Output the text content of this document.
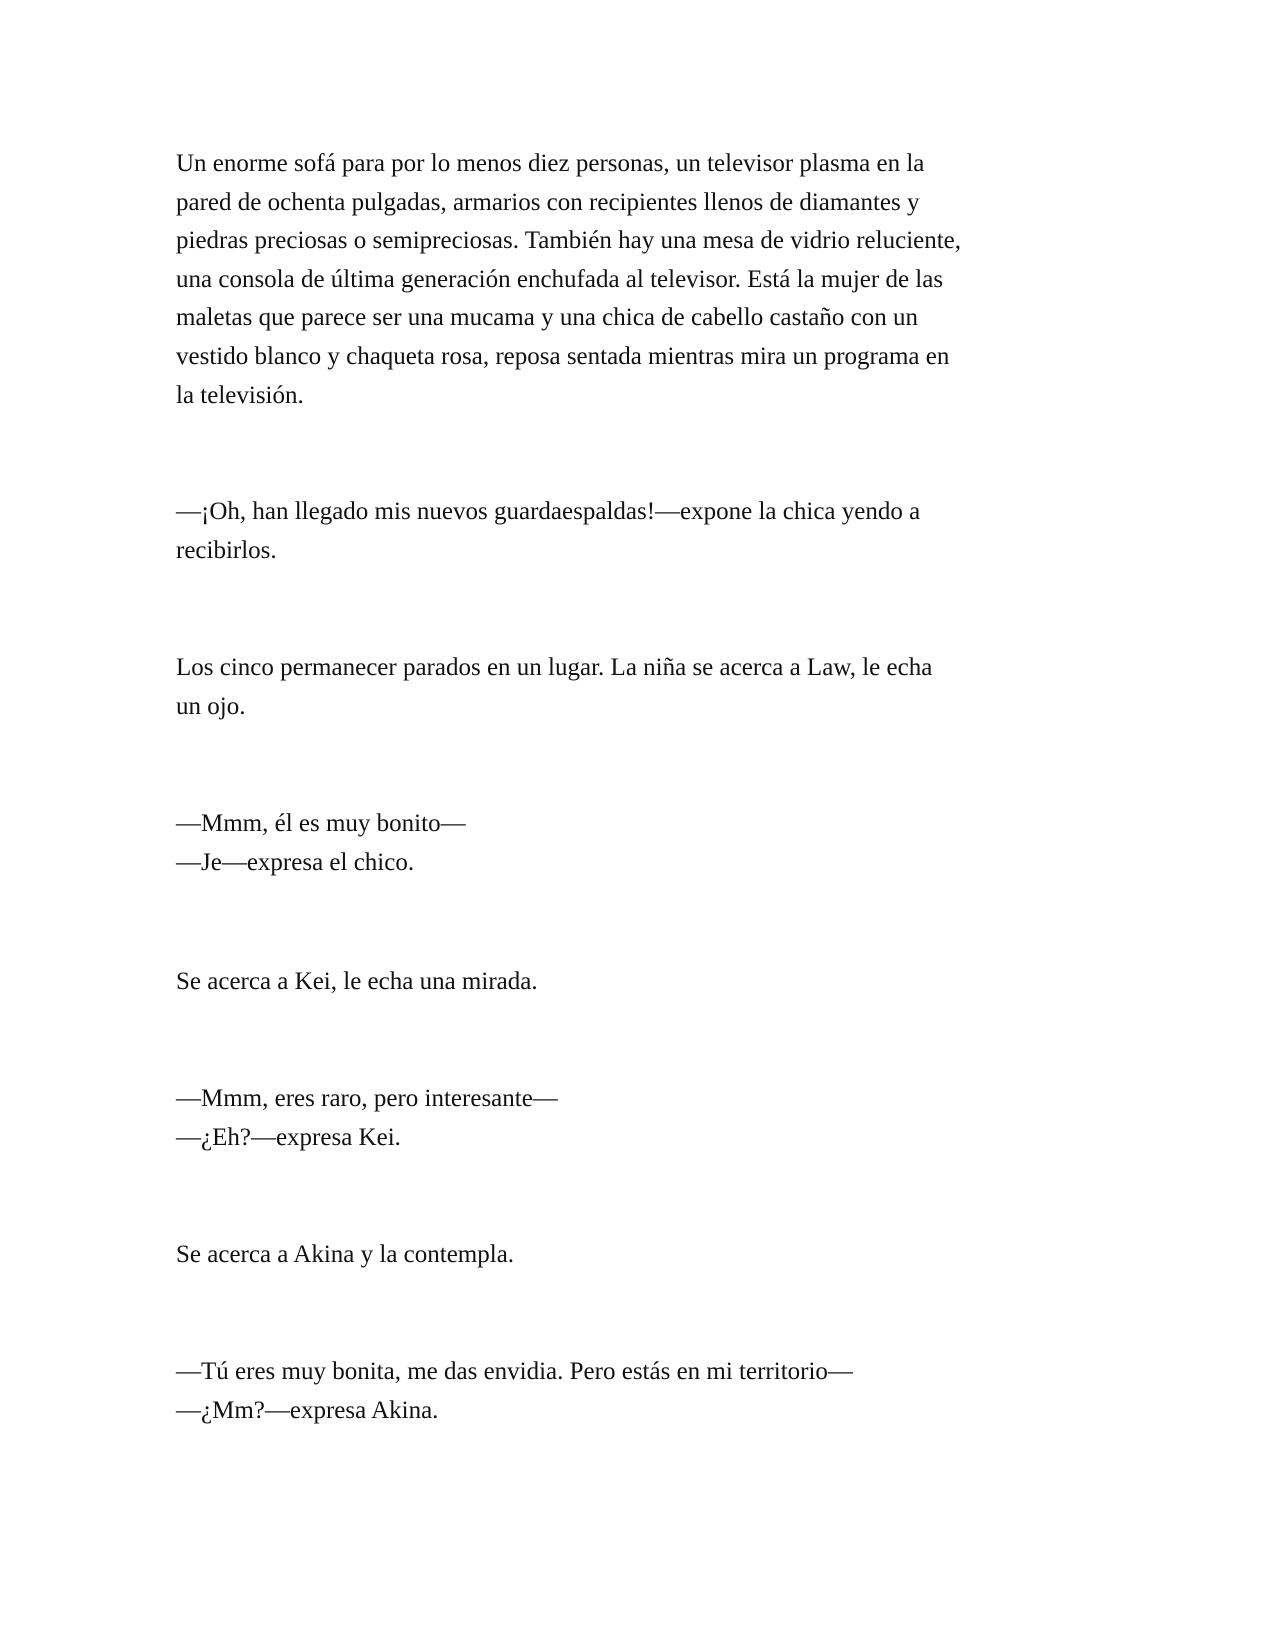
Un enorme sofá para por lo menos diez personas, un televisor plasma en la

pared de ochenta pulgadas, armarios con recipientes llenos de diamantes y

piedras preciosas o semipreciosas. También hay una mesa de vidrio reluciente,

una consola de última generación enchufada al televisor. Está la mujer de las

maletas que parece ser una mucama y una chica de cabello castaño con un

vestido blanco y chaqueta rosa, reposa sentada mientras mira un programa en

la televisión.

—¡Oh, han llegado mis nuevos guardaespaldas!—expone la chica yendo a

recibirlos.

Los cinco permanecer parados en un lugar. La niña se acerca a Law, le echa

un ojo.

—Mmm, él es muy bonito—

—Je—expresa el chico.

Se acerca a Kei, le echa una mirada.

—Mmm, eres raro, pero interesante—

—¿Eh?—expresa Kei.

Se acerca a Akina y la contempla.

—Tú eres muy bonita, me das envidia. Pero estás en mi territorio—

—¿Mm?—expresa Akina.
